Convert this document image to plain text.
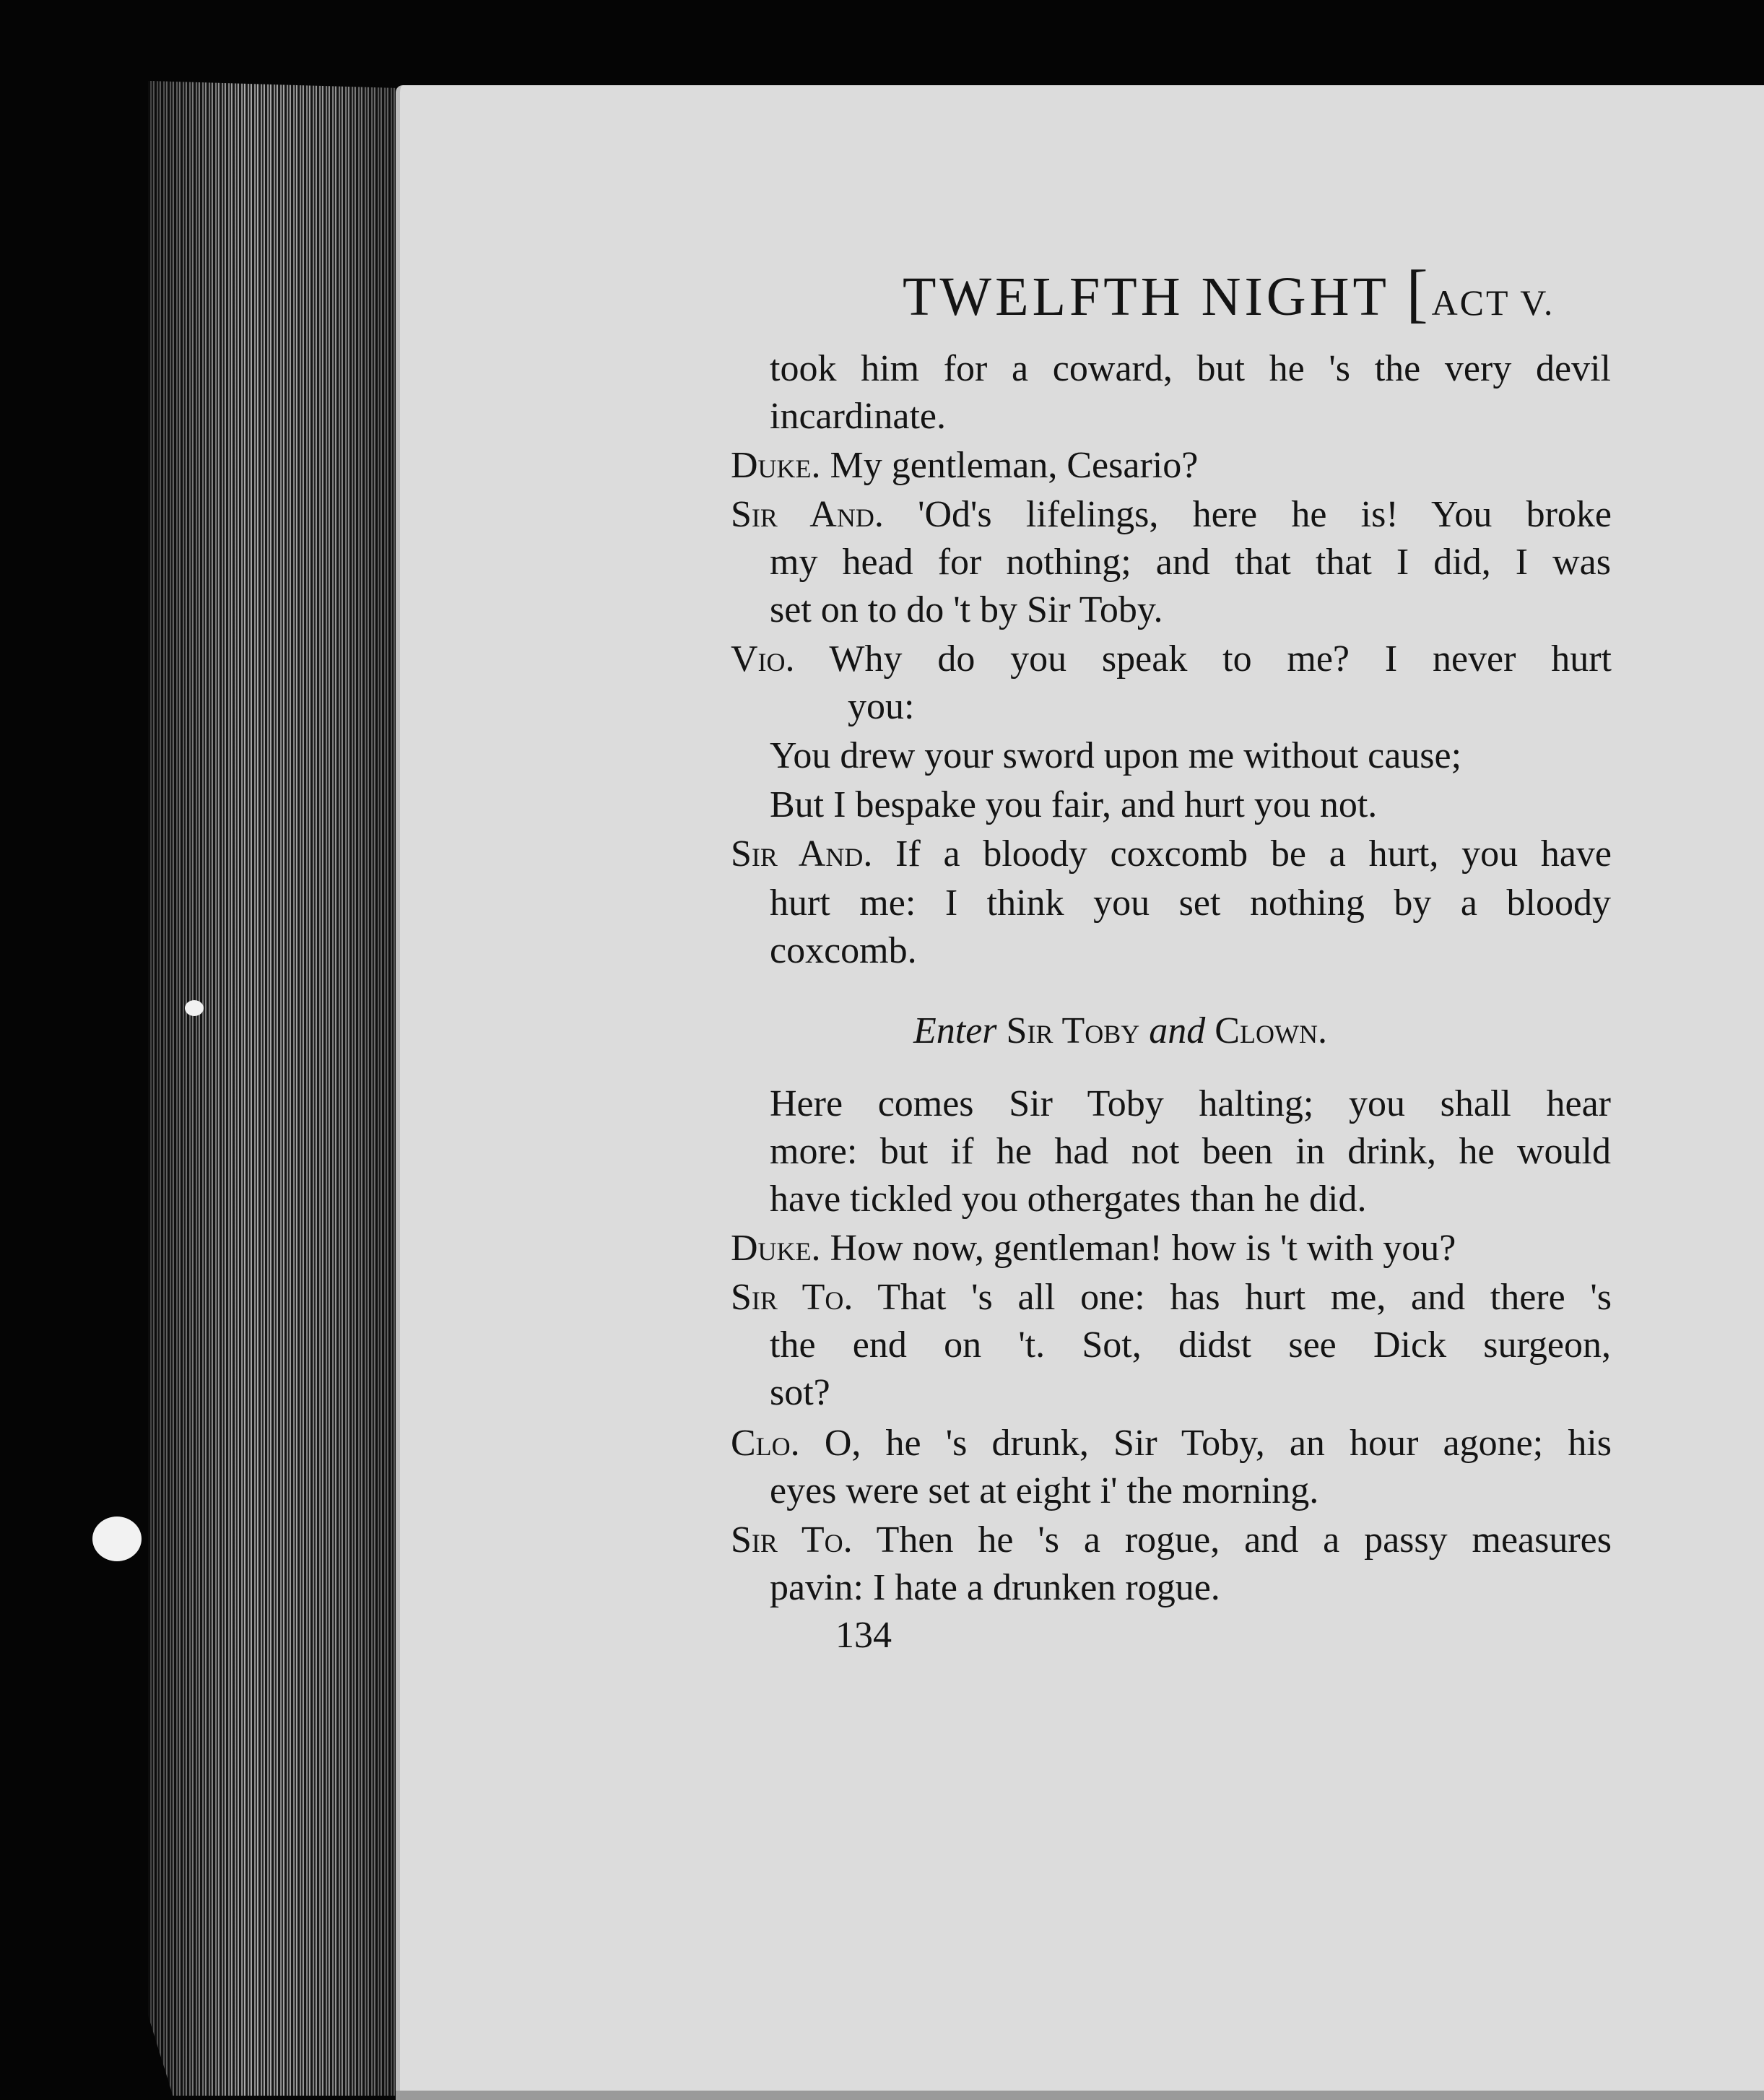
TWELFTH NIGHT [ACT V.
took him for a coward, but he 's the very devil
incardinate.
Duke. My gentleman, Cesario?
Sir And. 'Od's lifelings, here he is! You broke
my head for nothing; and that that I did, I was
set on to do 't by Sir Toby.
Vio. Why do you speak to me? I never hurt
you:
You drew your sword upon me without cause;
But I bespake you fair, and hurt you not.
Sir And. If a bloody coxcomb be a hurt, you have
hurt me: I think you set nothing by a bloody
coxcomb.
Enter Sir Toby and Clown.
Here comes Sir Toby halting; you shall hear
more: but if he had not been in drink, he would
have tickled you othergates than he did.
Duke. How now, gentleman! how is 't with you?
Sir To. That 's all one: has hurt me, and there 's
the end on 't. Sot, didst see Dick surgeon,
sot?
Clo. O, he 's drunk, Sir Toby, an hour agone; his
eyes were set at eight i' the morning.
Sir To. Then he 's a rogue, and a passy measures
pavin: I hate a drunken rogue.
134
